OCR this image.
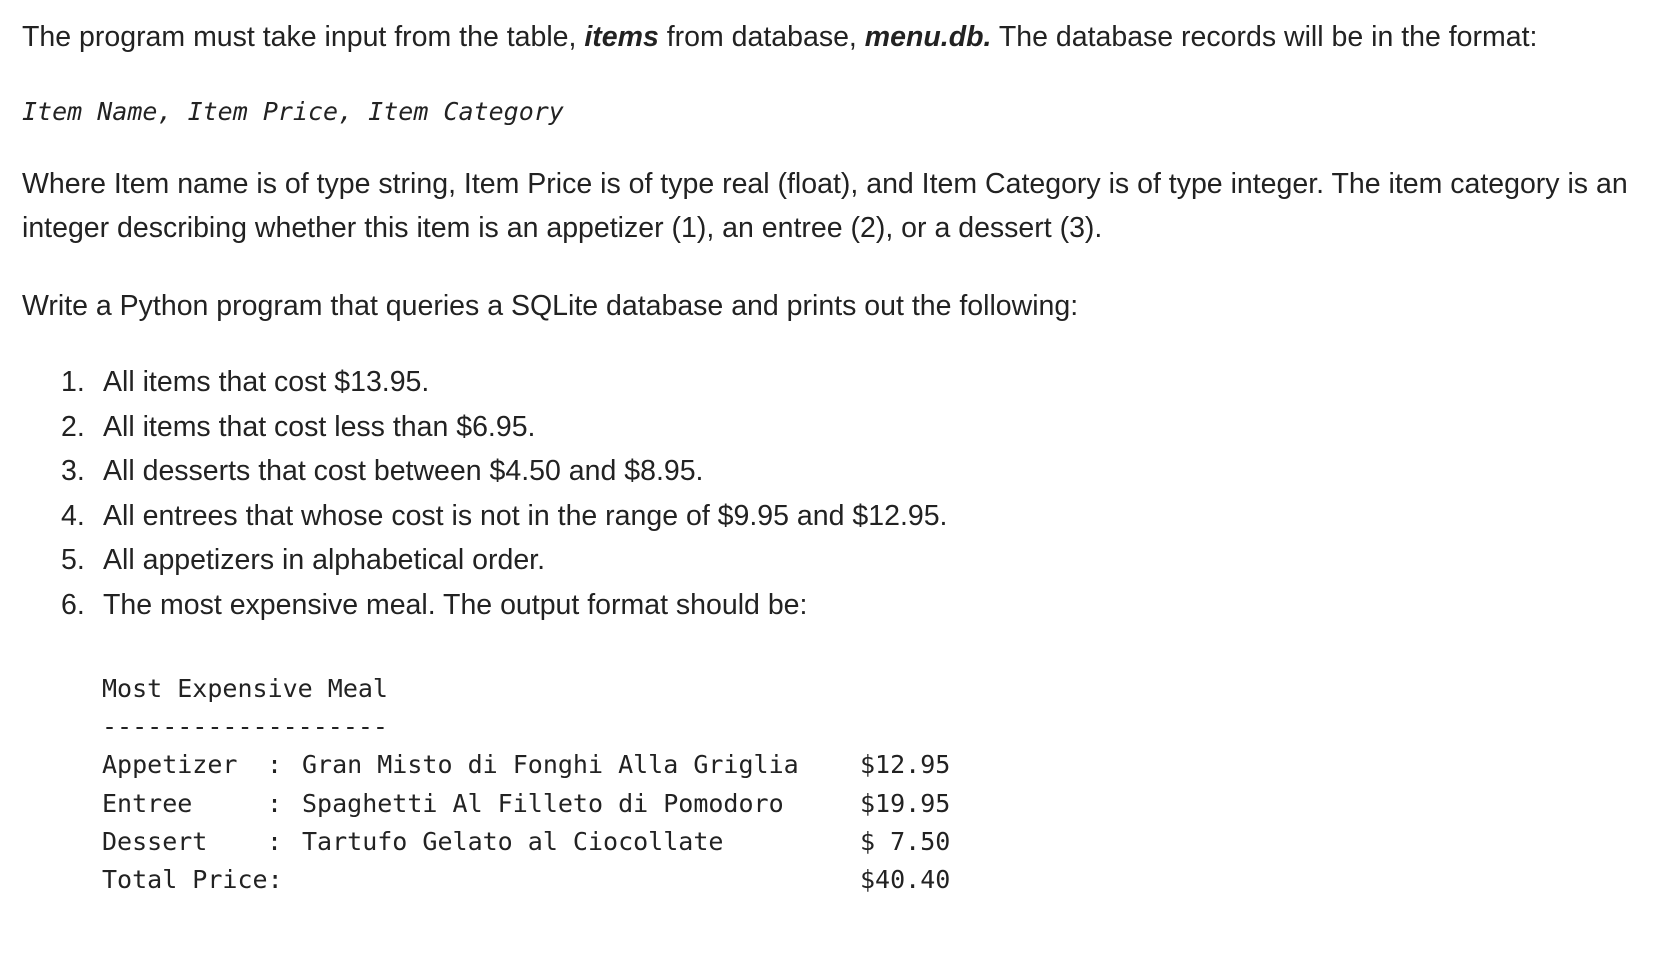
The program must take input from the table, items from database, menu.db. The database records will be in the format:

Item Name, Item Price, Item Category

Where Item name is of type string, Item Price is of type real (float), and Item Category is of type integer. The item category is an integer describing whether this item is an appetizer (1), an entree (2), or a dessert (3).

Write a Python program that queries a SQLite database and prints out the following:

1. All items that cost $13.95.
2. All items that cost less than $6.95.
3. All desserts that cost between $4.50 and $8.95.
4. All entrees that whose cost is not in the range of $9.95 and $12.95.
5. All appetizers in alphabetical order.
6. The most expensive meal. The output format should be:
Most Expensive Meal
-------------------
Appetizer : Gran Misto di Fonghi Alla Griglia $12.95
Entree	: Spaghetti Al Filleto di Pomodoro	$19.95
Dessert : Tartufo Gelato al Ciocollate	$ 7.50
Total Price:	$40.40
